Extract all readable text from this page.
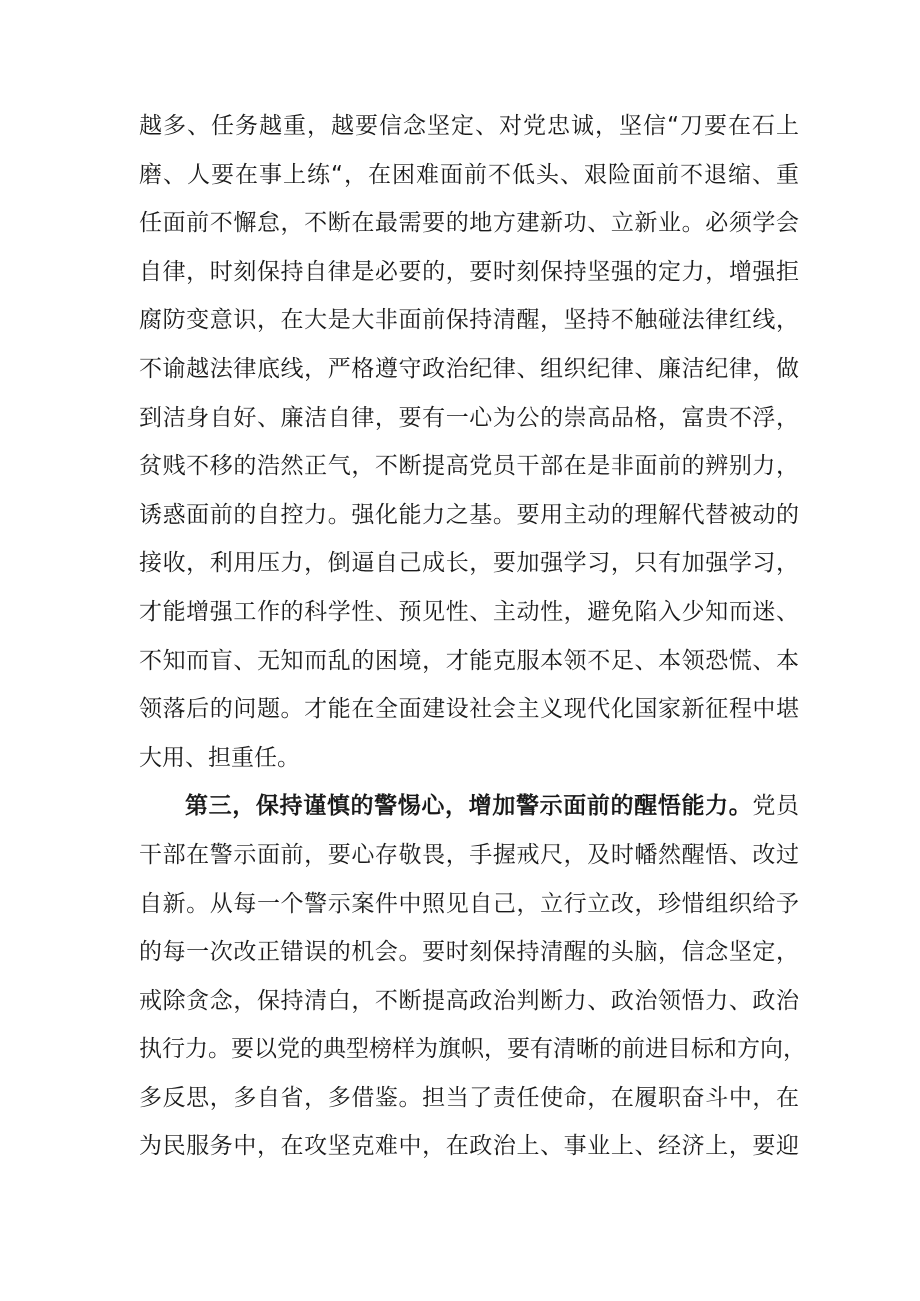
越多、任务越重，越要信念坚定、对党忠诚，坚信“刀要在石上
磨、人要在事上练“，在困难面前不低头、艰险面前不退缩、重
任面前不懈怠，不断在最需要的地方建新功、立新业。必须学会
自律，时刻保持自律是必要的，要时刻保持坚强的定力，增强拒
腐防变意识，在大是大非面前保持清醒，坚持不触碰法律红线，
不谕越法律底线，严格遵守政治纪律、组织纪律、廉洁纪律，做
到洁身自好、廉洁自律，要有一心为公的崇高品格，富贵不浮，
贫贱不移的浩然正气，不断提高党员干部在是非面前的辨别力，
诱惑面前的自控力。强化能力之基。要用主动的理解代替被动的
接收，利用压力，倒逼自己成长，要加强学习，只有加强学习，
才能增强工作的科学性、预见性、主动性，避免陷入少知而迷、
不知而盲、无知而乱的困境，才能克服本领不足、本领恐慌、本
领落后的问题。才能在全面建设社会主义现代化国家新征程中堪
大用、担重任。
第三，保持谨慎的警惕心，增加警示面前的醒悟能力。党员
干部在警示面前，要心存敬畏，手握戒尺，及时幡然醒悟、改过
自新。从每一个警示案件中照见自己，立行立改，珍惜组织给予
的每一次改正错误的机会。要时刻保持清醒的头脑，信念坚定，
戒除贪念，保持清白，不断提高政治判断力、政治领悟力、政治
执行力。要以党的典型榜样为旗帜，要有清晰的前进目标和方向，
多反思，多自省，多借鉴。担当了责任使命，在履职奋斗中，在
为民服务中，在攻坚克难中，在政治上、事业上、经济上，要迎
